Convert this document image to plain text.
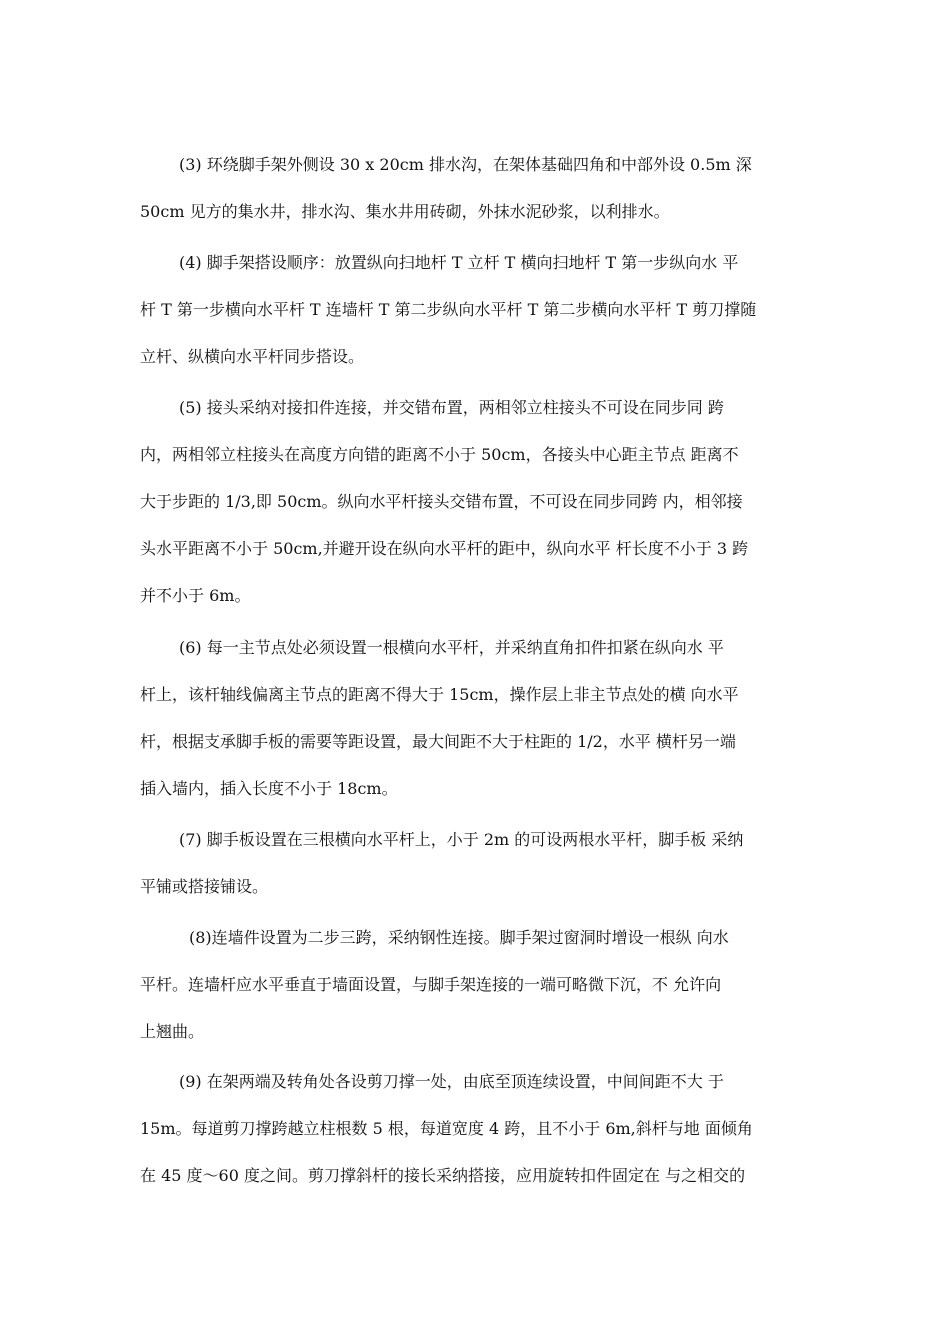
(3) 环绕脚手架外侧设 30 x 20cm 排水沟，在架体基础四角和中部外设 0.5m 深
50cm 见方的集水井，排水沟、集水井用砖砌，外抹水泥砂浆，以利排水。
(4) 脚手架搭设顺序：放置纵向扫地杆 T 立杆 T 横向扫地杆 T 第一步纵向水 平
杆 T 第一步横向水平杆 T 连墙杆 T 第二步纵向水平杆 T 第二步横向水平杆 T 剪刀撑随
立杆、纵横向水平杆同步搭设。
(5) 接头采纳对接扣件连接，并交错布置，两相邻立柱接头不可设在同步同 跨
内，两相邻立柱接头在高度方向错的距离不小于 50cm，各接头中心距主节点 距离不
大于步距的 1/3,即 50cm。纵向水平杆接头交错布置，不可设在同步同跨 内，相邻接
头水平距离不小于 50cm,并避开设在纵向水平杆的距中，纵向水平 杆长度不小于 3 跨
并不小于 6m。
(6) 每一主节点处必须设置一根横向水平杆，并采纳直角扣件扣紧在纵向水 平
杆上，该杆轴线偏离主节点的距离不得大于 15cm，操作层上非主节点处的横 向水平
杆，根据支承脚手板的需要等距设置，最大间距不大于柱距的 1/2，水平 横杆另一端
插入墙内，插入长度不小于 18cm。
(7) 脚手板设置在三根横向水平杆上，小于 2m 的可设两根水平杆，脚手板 采纳
平铺或搭接铺设。
(8)连墙件设置为二步三跨，采纳钢性连接。脚手架过窗洞时增设一根纵 向水
平杆。连墙杆应水平垂直于墙面设置，与脚手架连接的一端可略微下沉，不 允许向
上翘曲。
(9) 在架两端及转角处各设剪刀撑一处，由底至顶连续设置，中间间距不大 于
15m。每道剪刀撑跨越立柱根数 5 根，每道宽度 4 跨，且不小于 6m,斜杆与地 面倾角
在 45 度〜60 度之间。剪刀撑斜杆的接长采纳搭接，应用旋转扣件固定在 与之相交的
